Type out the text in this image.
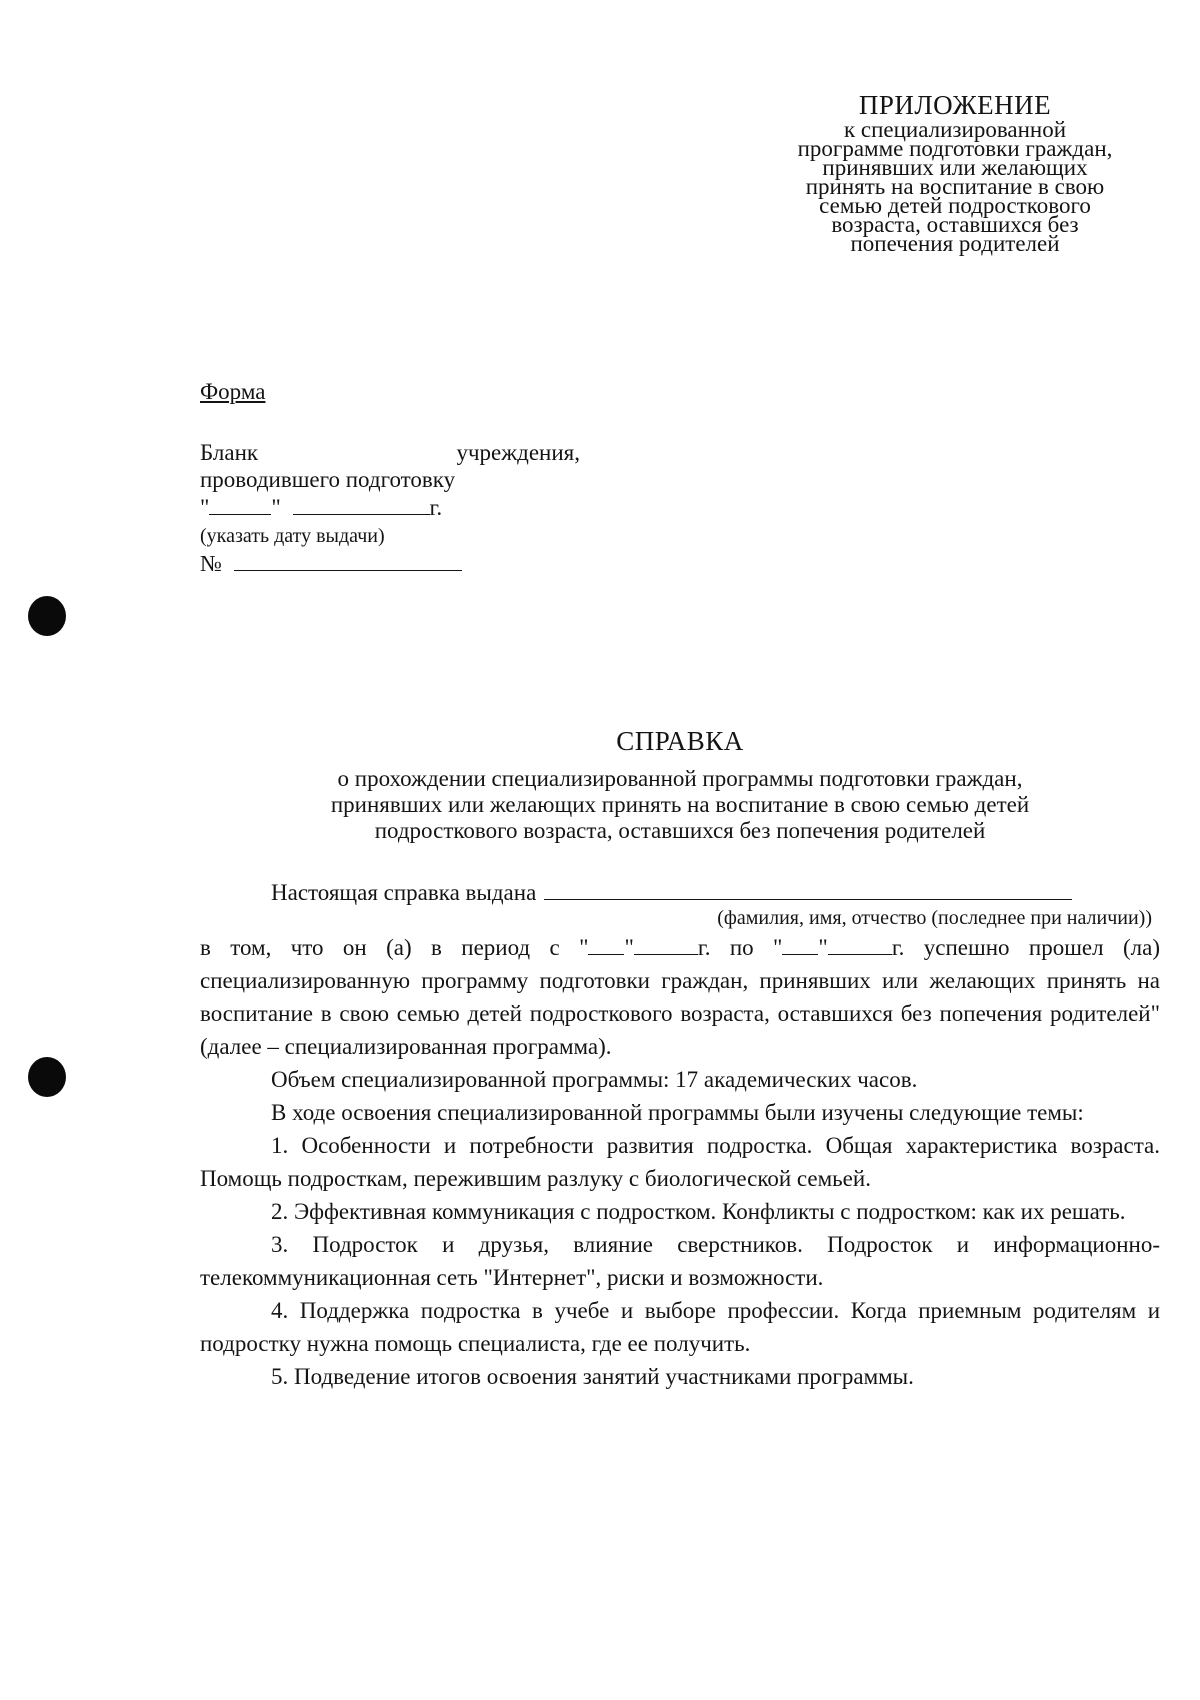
ПРИЛОЖЕНИЕ
к специализированной
программе подготовки граждан,
принявших или желающих
принять на воспитание в свою
семью детей подросткового
возраста, оставшихся без
попечения родителей
Форма
Бланк	учреждения,
проводившего подготовку
"	"	г.
(указать дату выдачи)
№
СПРАВКА
о прохождении специализированной программы подготовки граждан,
принявших или желающих принять на воспитание в свою семью детей
подросткового возраста, оставшихся без попечения родителей
Настоящая справка выдана
(фамилия, имя, отчество (последнее при наличии))

в том, что он (а) в период с " "	г. по " "	г. успешно прошел (ла) специализированную программу подготовки граждан, принявших или желающих принять на воспитание в свою семью детей подросткового возраста, оставшихся без попечения родителей" (далее – специализированная программа).

Объем специализированной программы: 17 академических часов.

В ходе освоения специализированной программы были изучены следующие темы:

1. Особенности и потребности развития подростка. Общая характеристика возраста. Помощь подросткам, пережившим разлуку с биологической семьей.

2. Эффективная коммуникация с подростком. Конфликты с подростком: как их решать.

3. Подросток и друзья, влияние сверстников. Подросток и информационно-телекоммуникационная сеть "Интернет", риски и возможности.

4. Поддержка подростка в учебе и выборе профессии. Когда приемным родителям и подростку нужна помощь специалиста, где ее получить.

5. Подведение итогов освоения занятий участниками программы.
